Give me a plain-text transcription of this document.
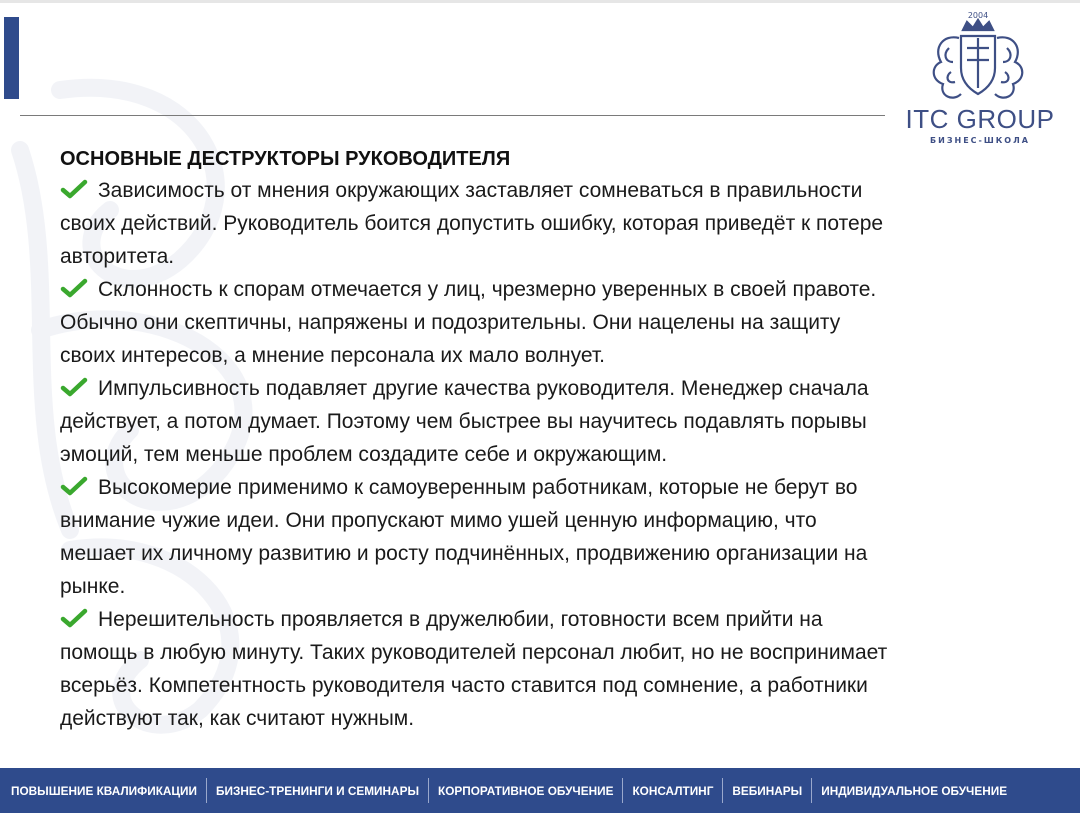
2004
ITC GROUP
БИЗНЕС-ШКОЛА
ОСНОВНЫЕ ДЕСТРУКТОРЫ РУКОВОДИТЕЛЯ
Зависимость от мнения окружающих заставляет сомневаться в правильности
своих действий. Руководитель боится допустить ошибку, которая приведёт к потере
авторитета.
Склонность к спорам отмечается у лиц, чрезмерно уверенных в своей правоте.
Обычно они скептичны, напряжены и подозрительны. Они нацелены на защиту
своих интересов, а мнение персонала их мало волнует.
Импульсивность подавляет другие качества руководителя. Менеджер сначала
действует, а потом думает. Поэтому чем быстрее вы научитесь подавлять порывы
эмоций, тем меньше проблем создадите себе и окружающим.
Высокомерие применимо к самоуверенным работникам, которые не берут во
внимание чужие идеи. Они пропускают мимо ушей ценную информацию, что
мешает их личному развитию и росту подчинённых, продвижению организации на
рынке.
Нерешительность проявляется в дружелюбии, готовности всем прийти на
помощь в любую минуту. Таких руководителей персонал любит, но не воспринимает
всерьёз. Компетентность руководителя часто ставится под сомнение, а работники
действуют так, как считают нужным.
ПОВЫШЕНИЕ КВАЛИФИКАЦИИ	БИЗНЕС-ТРЕНИНГИ И СЕМИНАРЫ	КОРПОРАТИВНОЕ ОБУЧЕНИЕ	КОНСАЛТИНГ	ВЕБИНАРЫ	ИНДИВИДУАЛЬНОЕ ОБУЧЕНИЕ
